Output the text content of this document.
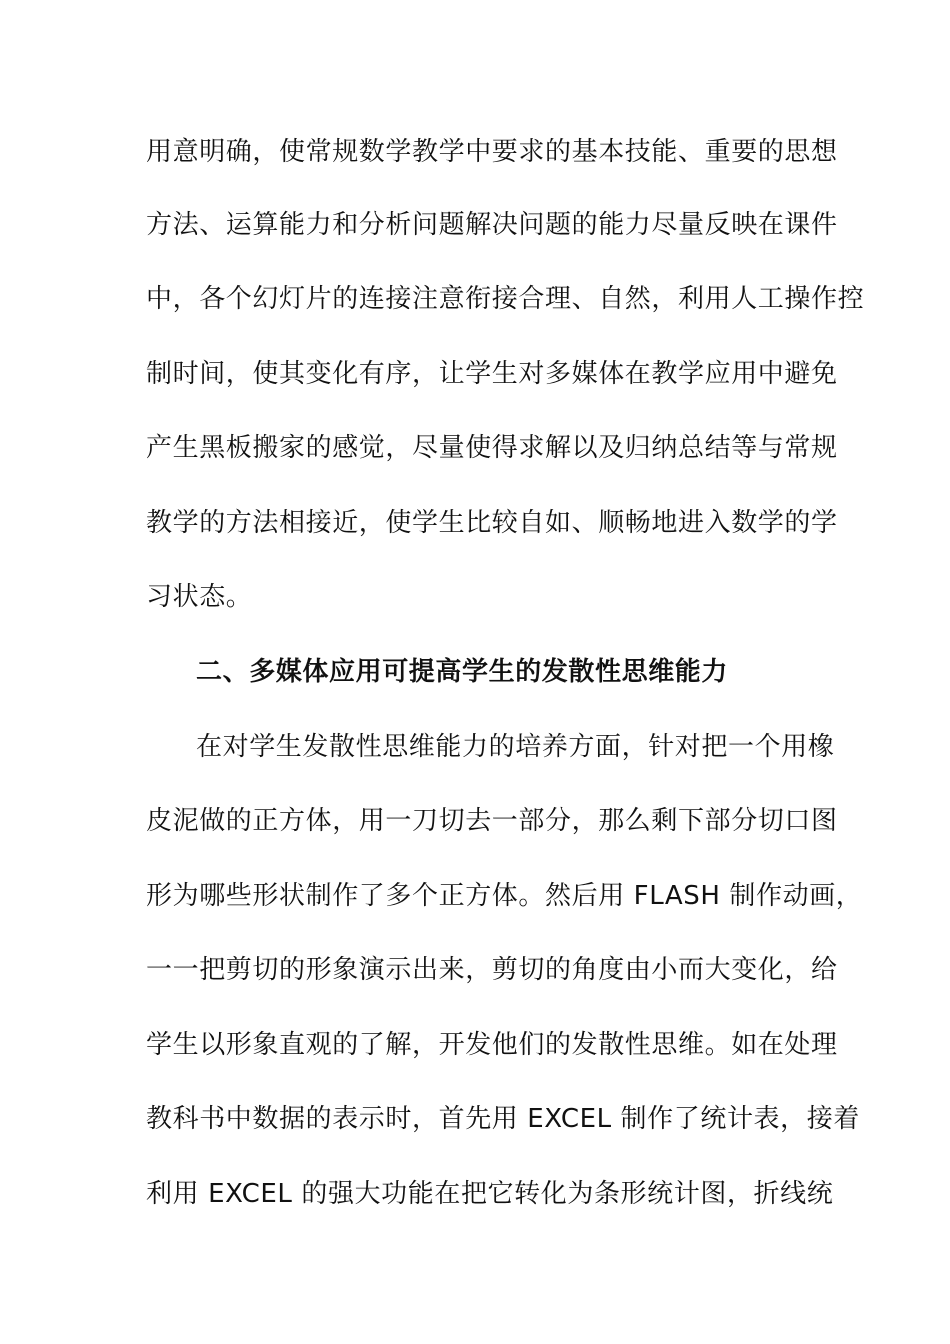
用意明确，使常规数学教学中要求的基本技能、重要的思想
方法、运算能力和分析问题解决问题的能力尽量反映在课件
中，各个幻灯片的连接注意衔接合理、自然，利用人工操作控
制时间，使其变化有序，让学生对多媒体在教学应用中避免
产生黑板搬家的感觉，尽量使得求解以及归纳总结等与常规
教学的方法相接近，使学生比较自如、顺畅地进入数学的学
习状态。
二、多媒体应用可提高学生的发散性思维能力
在对学生发散性思维能力的培养方面，针对把一个用橡
皮泥做的正方体，用一刀切去一部分，那么剩下部分切口图
形为哪些形状制作了多个正方体。然后用 FLASH 制作动画，
一一把剪切的形象演示出来，剪切的角度由小而大变化，给
学生以形象直观的了解，开发他们的发散性思维。如在处理
教科书中数据的表示时，首先用 EXCEL 制作了统计表，接着
利用 EXCEL 的强大功能在把它转化为条形统计图，折线统
